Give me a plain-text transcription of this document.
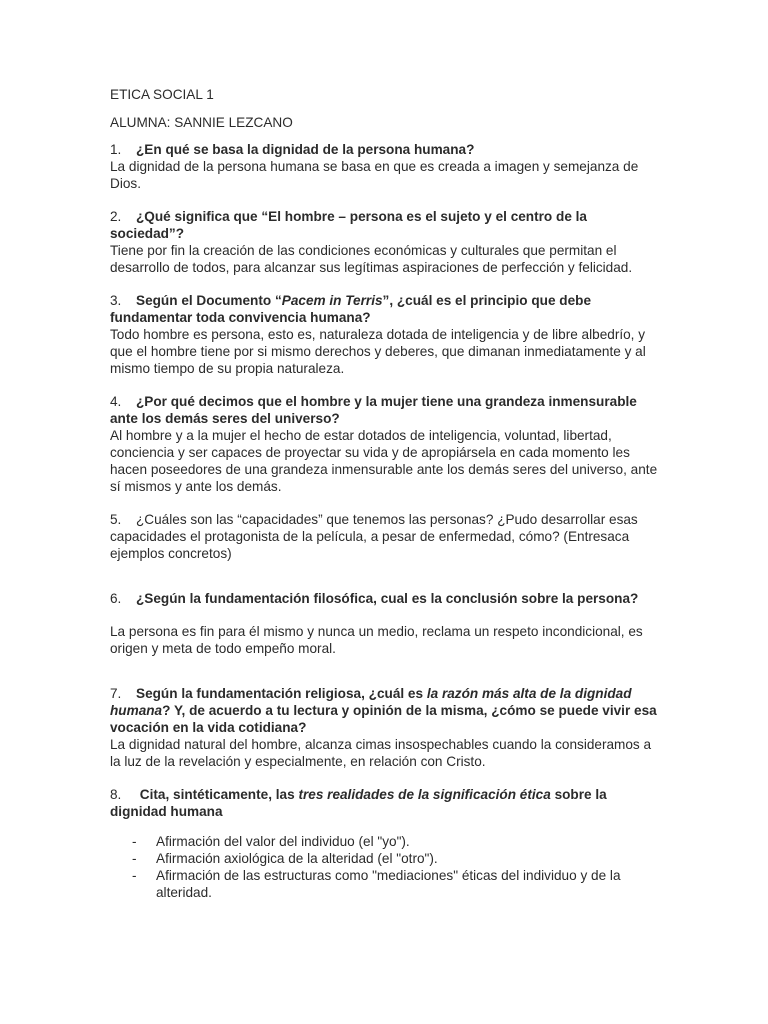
ETICA SOCIAL 1

ALUMNA: SANNIE LEZCANO

1. ¿En qué se basa la dignidad de la persona humana?

La dignidad de la persona humana se basa en que es creada a imagen y semejanza de Dios.

2. ¿Qué significa que “El hombre – persona es el sujeto y el centro de la sociedad”?

Tiene por fin la creación de las condiciones económicas y culturales que permitan el desarrollo de todos, para alcanzar sus legítimas aspiraciones de perfección y felicidad.

3. Según el Documento “Pacem in Terris”, ¿cuál es el principio que debe fundamentar toda convivencia humana?

Todo hombre es persona, esto es, naturaleza dotada de inteligencia y de libre albedrío, y que el hombre tiene por si mismo derechos y deberes, que dimanan inmediatamente y al mismo tiempo de su propia naturaleza.

4. ¿Por qué decimos que el hombre y la mujer tiene una grandeza inmensurable ante los demás seres del universo?

Al hombre y a la mujer el hecho de estar dotados de inteligencia, voluntad, libertad, conciencia y ser capaces de proyectar su vida y de apropiársela en cada momento les hacen poseedores de una grandeza inmensurable ante los demás seres del universo, ante sí mismos y ante los demás.

5. ¿Cuáles son las “capacidades” que tenemos las personas? ¿Pudo desarrollar esas capacidades el protagonista de la película, a pesar de enfermedad, cómo? (Entresaca ejemplos concretos)

6. ¿Según la fundamentación filosófica, cual es la conclusión sobre la persona?

La persona es fin para él mismo y nunca un medio, reclama un respeto incondicional, es origen y meta de todo empeño moral.

7. Según la fundamentación religiosa, ¿cuál es la razón más alta de la dignidad humana? Y, de acuerdo a tu lectura y opinión de la misma, ¿cómo se puede vivir esa vocación en la vida cotidiana?

La dignidad natural del hombre, alcanza cimas insospechables cuando la consideramos a la luz de la revelación y especialmente, en relación con Cristo.

8. Cita, sintéticamente, las tres realidades de la significación ética sobre la dignidad humana

- Afirmación del valor del individuo (el "yo").
- Afirmación axiológica de la alteridad (el "otro").
- Afirmación de las estructuras como "mediaciones" éticas del individuo y de la alteridad.
